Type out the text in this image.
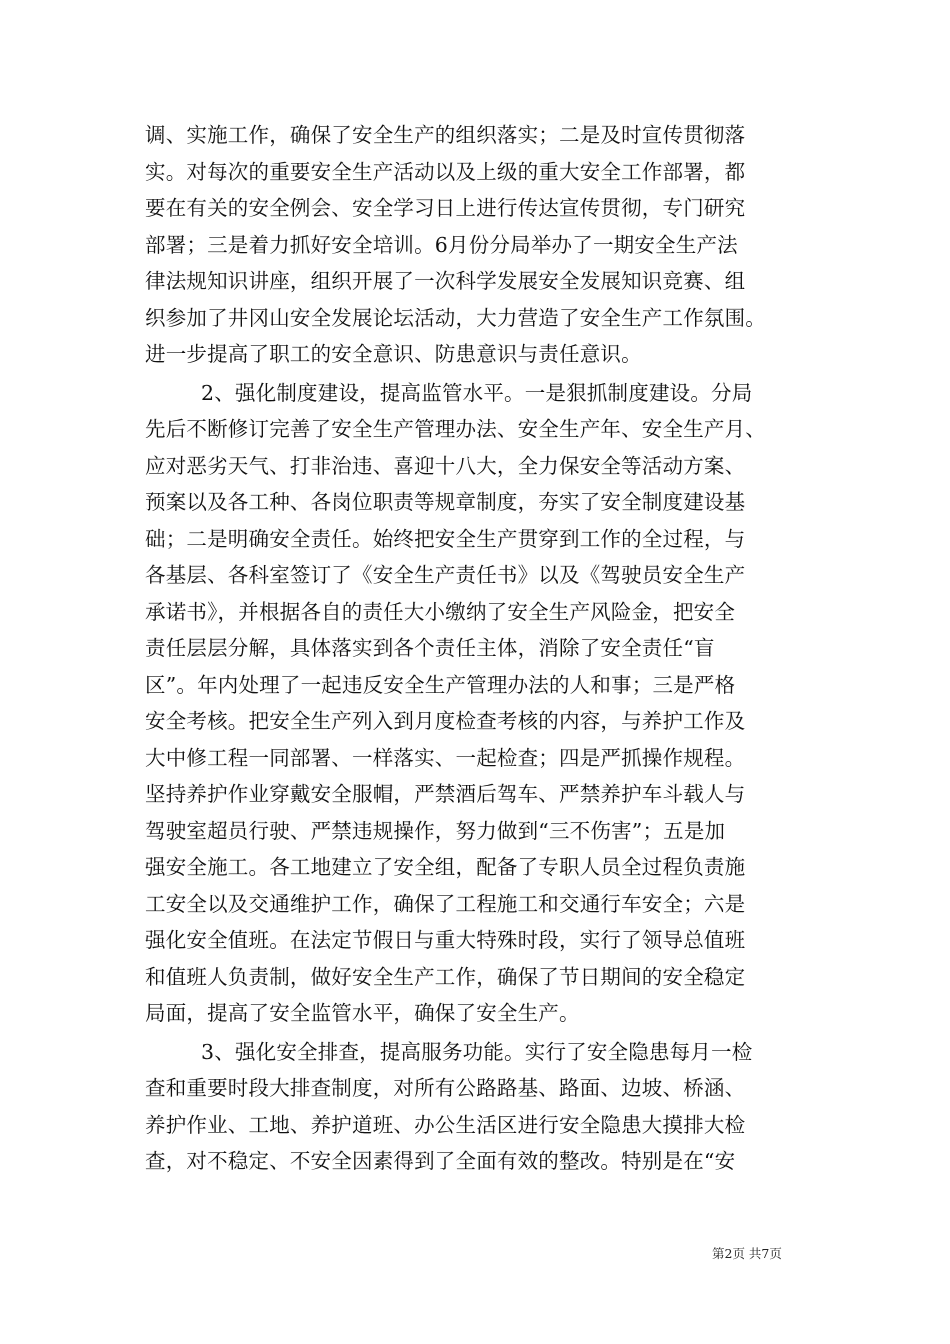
调、实施工作，确保了安全生产的组织落实；二是及时宣传贯彻落
实。对每次的重要安全生产活动以及上级的重大安全工作部署，都
要在有关的安全例会、安全学习日上进行传达宣传贯彻，专门研究
部署；三是着力抓好安全培训。6月份分局举办了一期安全生产法
律法规知识讲座，组织开展了一次科学发展安全发展知识竞赛、组
织参加了井冈山安全发展论坛活动，大力营造了安全生产工作氛围。
进一步提高了职工的安全意识、防患意识与责任意识。
2、强化制度建设，提高监管水平。一是狠抓制度建设。分局
先后不断修订完善了安全生产管理办法、安全生产年、安全生产月、
应对恶劣天气、打非治违、喜迎十八大，全力保安全等活动方案、
预案以及各工种、各岗位职责等规章制度，夯实了安全制度建设基
础；二是明确安全责任。始终把安全生产贯穿到工作的全过程，与
各基层、各科室签订了《安全生产责任书》以及《驾驶员安全生产
承诺书》，并根据各自的责任大小缴纳了安全生产风险金，把安全
责任层层分解，具体落实到各个责任主体，消除了安全责任“盲
区”。年内处理了一起违反安全生产管理办法的人和事；三是严格
安全考核。把安全生产列入到月度检查考核的内容，与养护工作及
大中修工程一同部署、一样落实、一起检查；四是严抓操作规程。
坚持养护作业穿戴安全服帽，严禁酒后驾车、严禁养护车斗载人与
驾驶室超员行驶、严禁违规操作，努力做到“三不伤害”；五是加
强安全施工。各工地建立了安全组，配备了专职人员全过程负责施
工安全以及交通维护工作，确保了工程施工和交通行车安全；六是
强化安全值班。在法定节假日与重大特殊时段，实行了领导总值班
和值班人负责制，做好安全生产工作，确保了节日期间的安全稳定
局面，提高了安全监管水平，确保了安全生产。
3、强化安全排查，提高服务功能。实行了安全隐患每月一检
查和重要时段大排查制度，对所有公路路基、路面、边坡、桥涵、
养护作业、工地、养护道班、办公生活区进行安全隐患大摸排大检
查，对不稳定、不安全因素得到了全面有效的整改。特别是在“安
第2页 共7页
